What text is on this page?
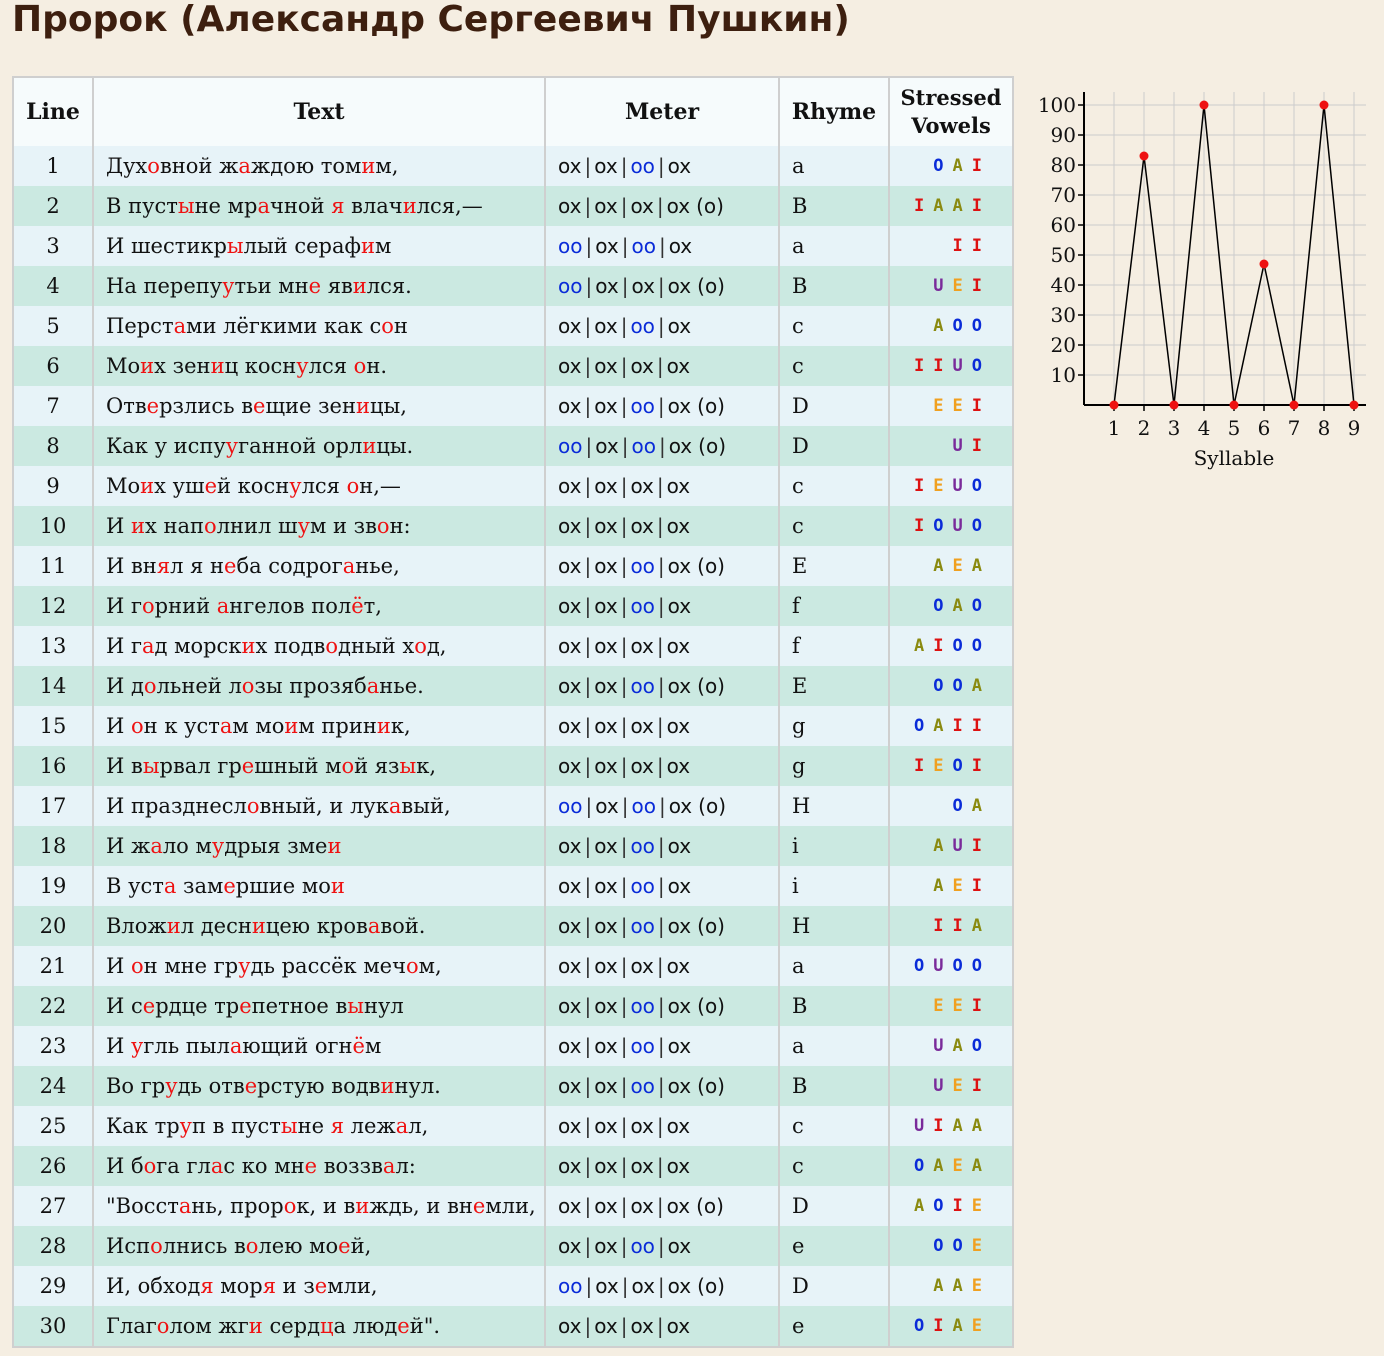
Пророк (Александр Сергеевич Пушкин)
Line	Text	Meter	Rhyme	Stressed
Vowels
1	Духовной жаждою томим,	ox | ox | oo | ox	a	O A I
2	В пустыне мрачной я влачился,—	ox | ox | ox | ox (o)	B	I A A I
3	И шестикрылый серафим	oo | ox | oo | ox	a	I I
4	На перепуутьи мне явился.	oo | ox | ox | ox (o)	B	U E I
5	Перстами лёгкими как сон	ox | ox | oo | ox	c	A O O
6	Моих зениц коснулся он.	ox | ox | ox | ox	c	I I U O
7	Отверзлись вещие зеницы,	ox | ox | oo | ox (o)	D	E E I
8	Как у испууганной орлицы.	oo | ox | oo | ox (o)	D	U I
9	Моих ушей коснулся он,—	ox | ox | ox | ox	c	I E U O
10	И их наполнил шум и звон:	ox | ox | ox | ox	c	I O U O
11	И внял я неба содроганье,	ox | ox | oo | ox (o)	E	A E A
12	И горний ангелов полёт,	ox | ox | oo | ox	f	O A O
13	И гад морских подводный ход,	ox | ox | ox | ox	f	A I O O
14	И дольней лозы прозябанье.	ox | ox | oo | ox (o)	E	O O A
15	И он к устам моим приник,	ox | ox | ox | ox	g	O A I I
16	И вырвал грешный мой язык,	ox | ox | ox | ox	g	I E O I
17	И празднесловный, и лукавый,	oo | ox | oo | ox (o)	H	O A
18	И жало мудрыя змеи	ox | ox | oo | ox	i	A U I
19	В уста замершие мои	ox | ox | oo | ox	i	A E I
20	Вложил десницею кровавой.	ox | ox | oo | ox (o)	H	I I A
21	И он мне грудь рассёк мечом,	ox | ox | ox | ox	a	O U O O
22	И сердце трепетное вынул	ox | ox | oo | ox (o)	B	E E I
23	И угль пылающий огнём	ox | ox | oo | ox	a	U A O
24	Во грудь отверстую водвинул.	ox | ox | oo | ox (o)	B	U E I
25	Как труп в пустыне я лежал,	ox | ox | ox | ox	c	U I A A
26	И бога глас ко мне воззвал:	ox | ox | ox | ox	c	O A E A
27	"Восстань, пророк, и виждь, и внемли,	ox | ox | ox | ox (o)	D	A O I E
28	Исполнись волею моей,	ox | ox | oo | ox	e	O O E
29	И, обходя моря и земли,	oo | ox | ox | ox (o)	D	A A E
30	Глаголом жги сердца людей".	ox | ox | ox | ox	e	O I A E
10
20
30
40
50
60
70
80
90
100
1 2 3 4 5 6 7 8 9
Syllable
